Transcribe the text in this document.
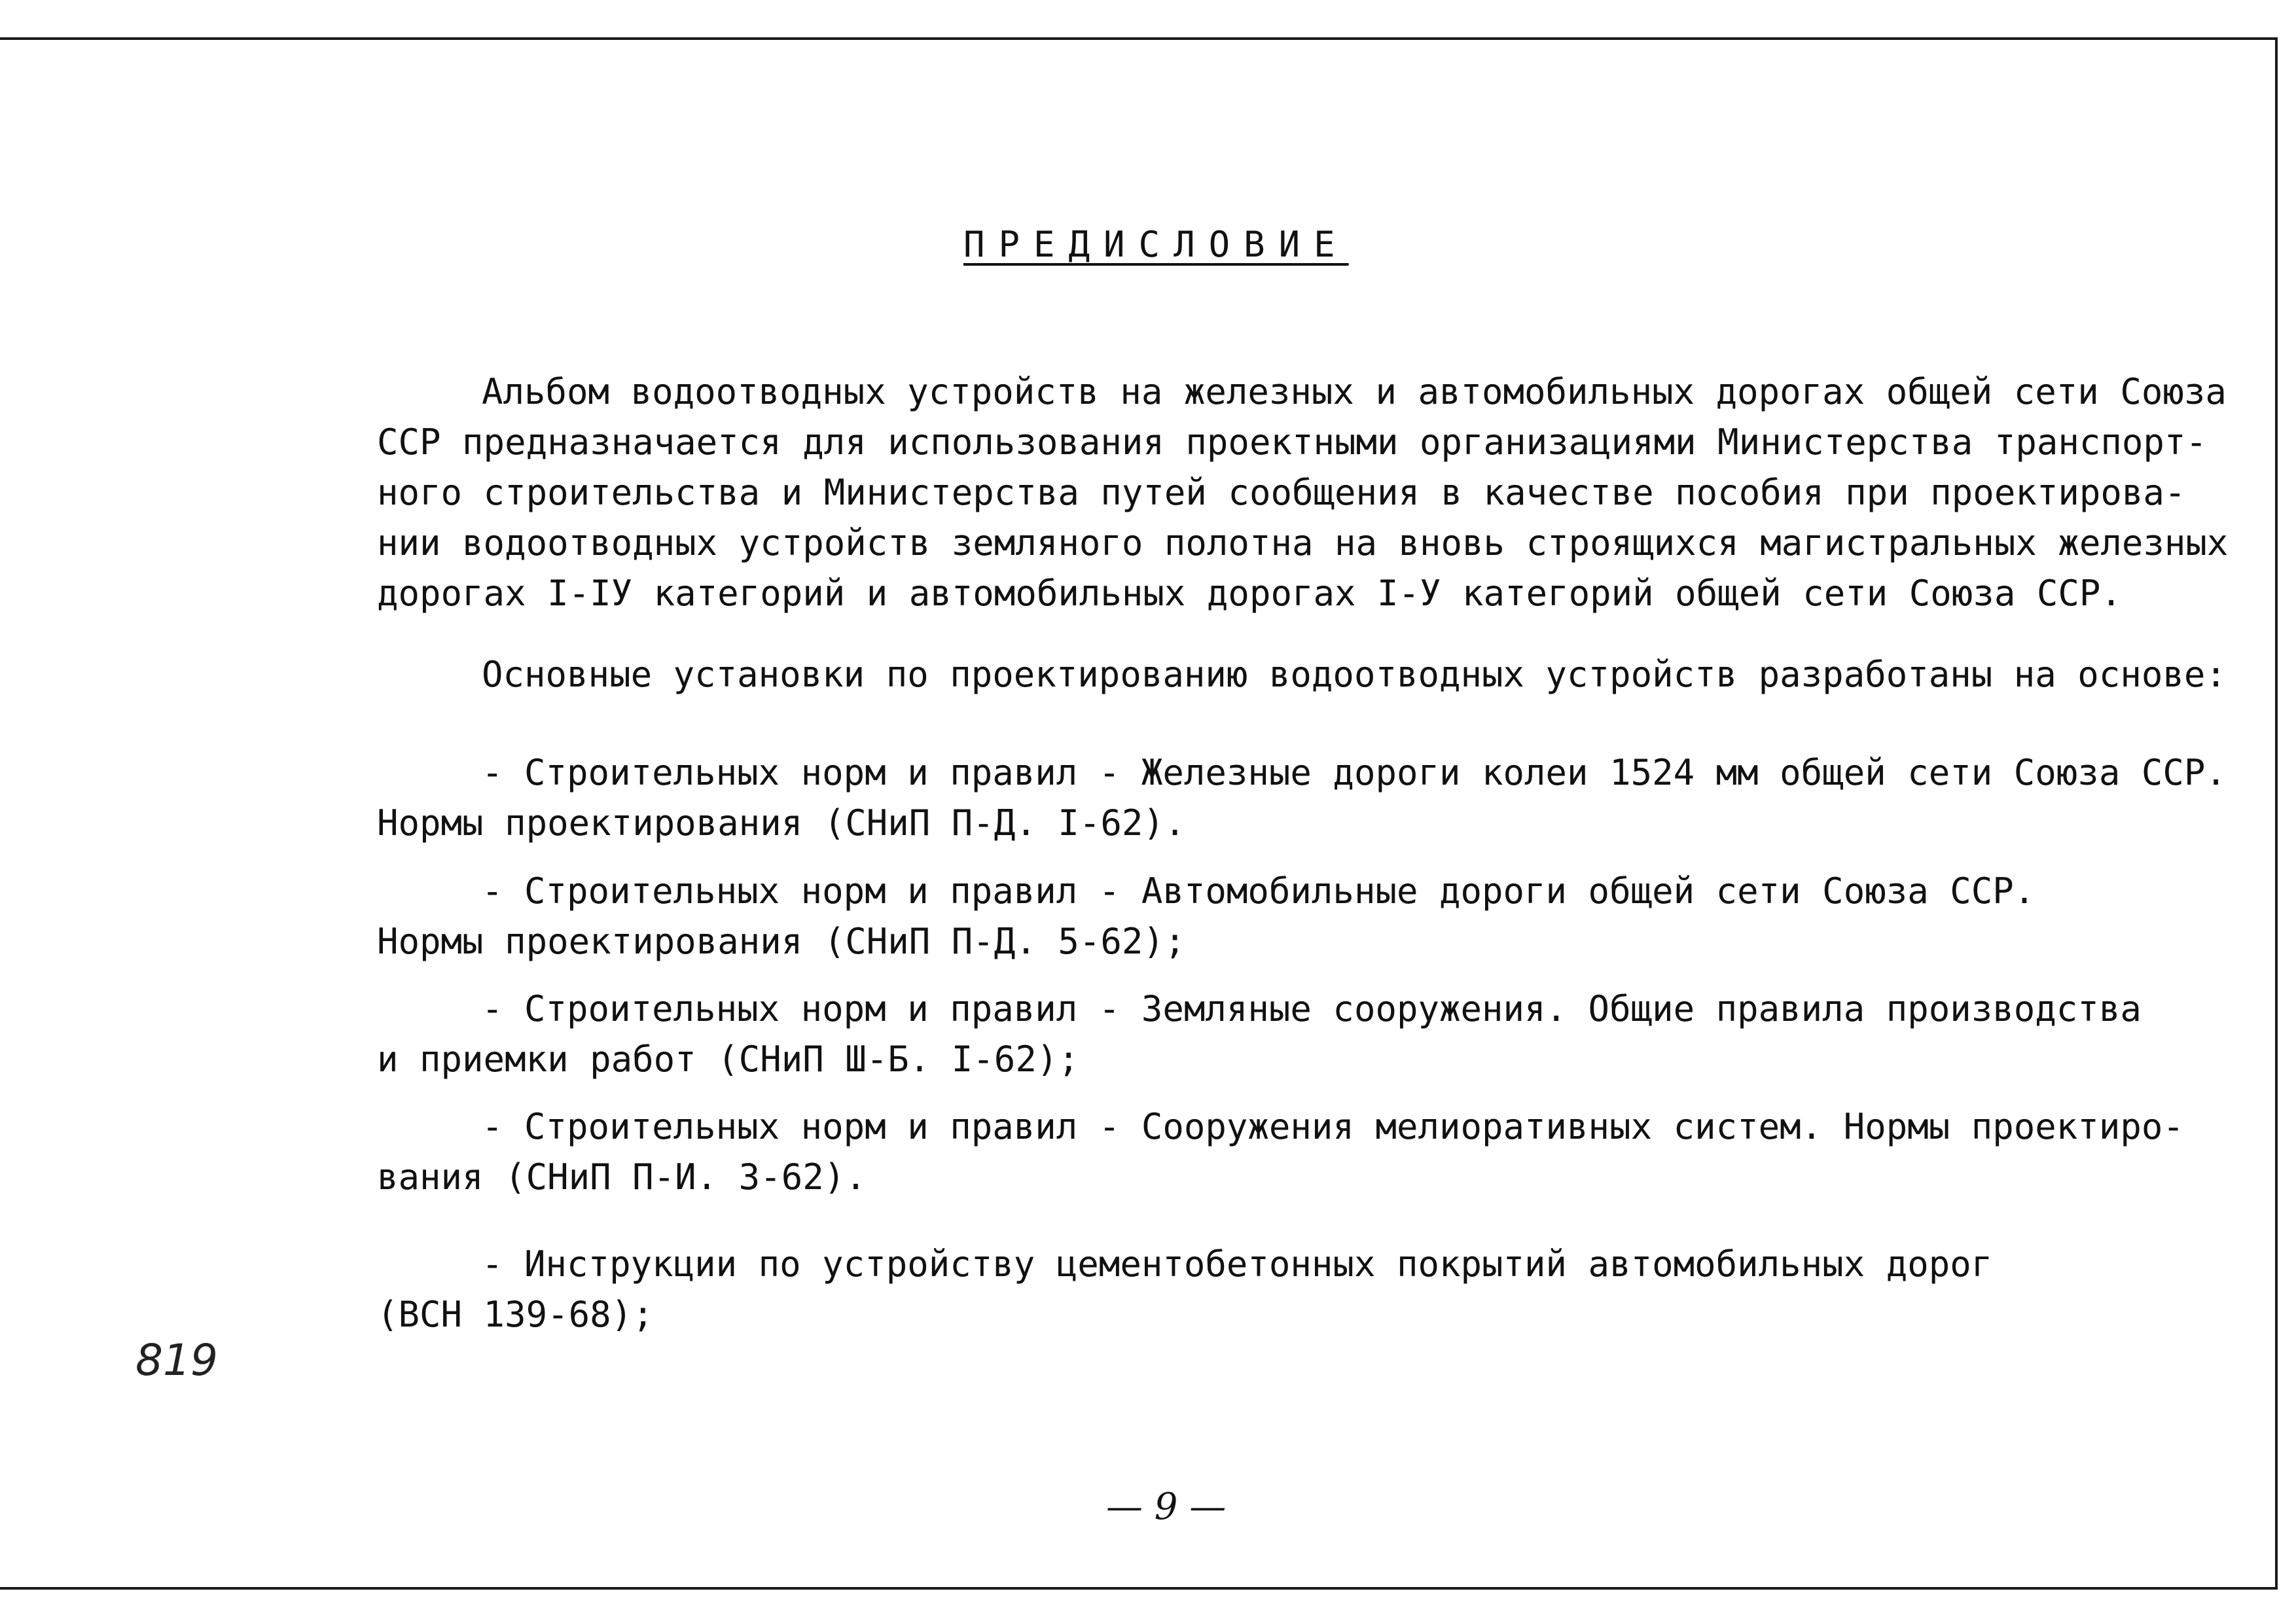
ПРЕДИСЛОВИЕ
Альбом водоотводных устройств на железных и автомобильных дорогах общей сети Союза
ССР предназначается для использования проектными организациями Министерства транспорт-
ного строительства и Министерства путей сообщения в качестве пособия при проектирова-
нии водоотводных устройств земляного полотна на вновь строящихся магистральных железных
дорогах I-IУ категорий и автомобильных дорогах I-У категорий общей сети Союза ССР.
Основные установки по проектированию водоотводных устройств разработаны на основе:
- Строительных норм и правил - Железные дороги колеи 1524 мм общей сети Союза ССР.
Нормы проектирования (СНиП П-Д. I-62).
- Строительных норм и правил - Автомобильные дороги общей сети Союза ССР.
Нормы проектирования (СНиП П-Д. 5-62);
- Строительных норм и правил - Земляные сооружения. Общие правила производства
и приемки работ (СНиП Ш-Б. I-62);
- Строительных норм и правил - Сооружения мелиоративных систем. Нормы проектиро-
вания (СНиП П-И. 3-62).
- Инструкции по устройству цементобетонных покрытий автомобильных дорог
(ВСН 139-68);

819

— 9 —
